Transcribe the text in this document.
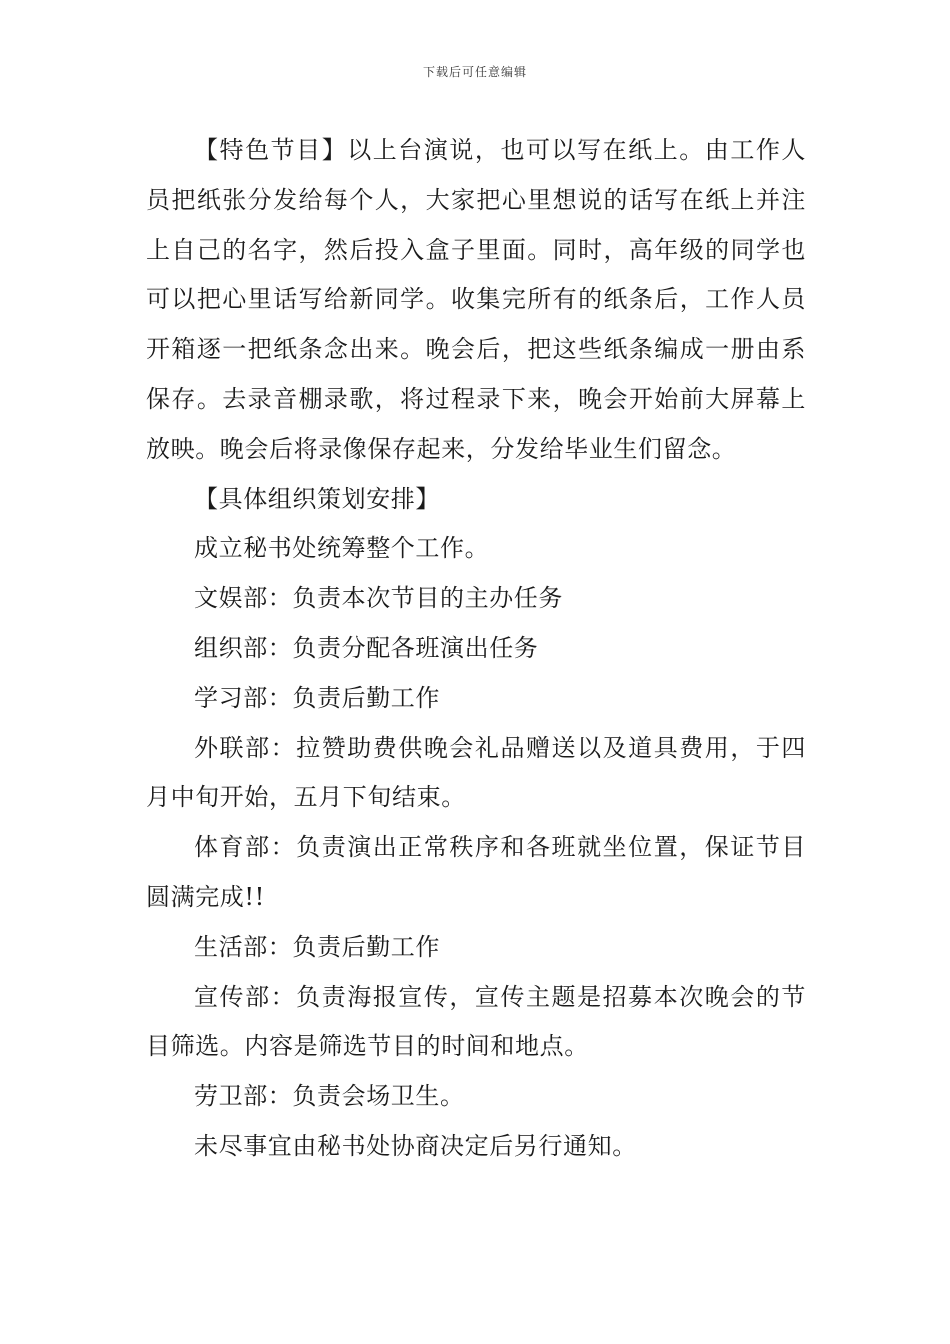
下载后可任意编辑

【特色节目】以上台演说，也可以写在纸上。由工作人员把纸张分发给每个人，大家把心里想说的话写在纸上并注上自己的名字，然后投入盒子里面。同时，高年级的同学也可以把心里话写给新同学。收集完所有的纸条后，工作人员开箱逐一把纸条念出来。晚会后，把这些纸条编成一册由系保存。去录音棚录歌，将过程录下来，晚会开始前大屏幕上放映。晚会后将录像保存起来，分发给毕业生们留念。

【具体组织策划安排】

成立秘书处统筹整个工作。

文娱部：负责本次节目的主办任务

组织部：负责分配各班演出任务

学习部：负责后勤工作

外联部：拉赞助费供晚会礼品赠送以及道具费用，于四月中旬开始，五月下旬结束。

体育部：负责演出正常秩序和各班就坐位置，保证节目圆满完成!!

生活部：负责后勤工作

宣传部：负责海报宣传，宣传主题是招募本次晚会的节目筛选。内容是筛选节目的时间和地点。

劳卫部：负责会场卫生。

未尽事宜由秘书处协商决定后另行通知。
